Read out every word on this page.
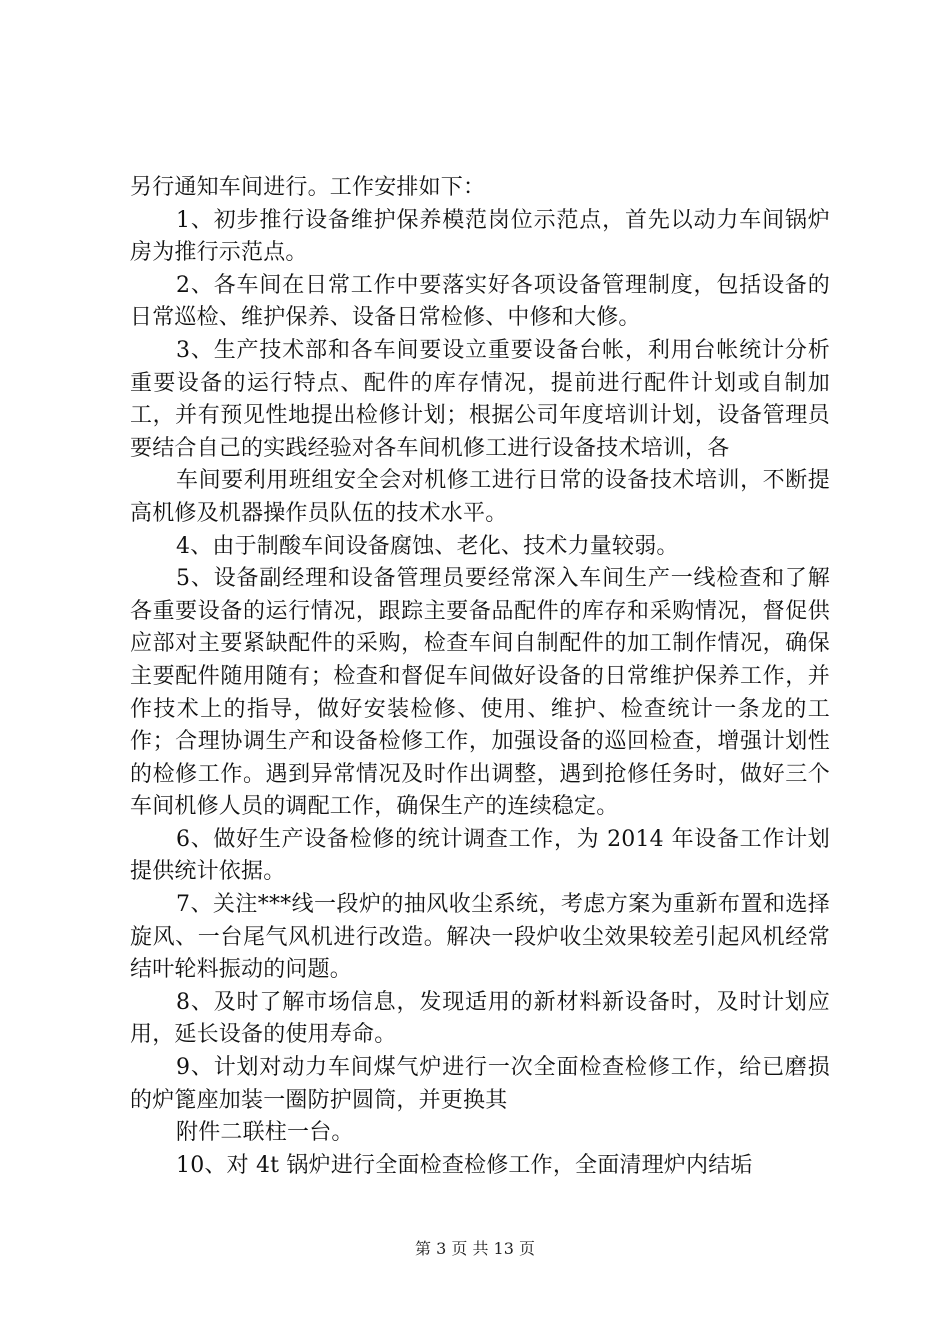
另行通知车间进行。工作安排如下：

1、初步推行设备维护保养模范岗位示范点，首先以动力车间锅炉房为推行示范点。

2、各车间在日常工作中要落实好各项设备管理制度，包括设备的日常巡检、维护保养、设备日常检修、中修和大修。

3、生产技术部和各车间要设立重要设备台帐，利用台帐统计分析重要设备的运行特点、配件的库存情况，提前进行配件计划或自制加工，并有预见性地提出检修计划；根据公司年度培训计划，设备管理员要结合自己的实践经验对各车间机修工进行设备技术培训，各

车间要利用班组安全会对机修工进行日常的设备技术培训，不断提高机修及机器操作员队伍的技术水平。

4、由于制酸车间设备腐蚀、老化、技术力量较弱。

5、设备副经理和设备管理员要经常深入车间生产一线检查和了解各重要设备的运行情况，跟踪主要备品配件的库存和采购情况，督促供应部对主要紧缺配件的采购，检查车间自制配件的加工制作情况，确保主要配件随用随有；检查和督促车间做好设备的日常维护保养工作，并作技术上的指导，做好安装检修、使用、维护、检查统计一条龙的工作；合理协调生产和设备检修工作，加强设备的巡回检查，增强计划性的检修工作。遇到异常情况及时作出调整，遇到抢修任务时，做好三个车间机修人员的调配工作，确保生产的连续稳定。

6、做好生产设备检修的统计调查工作，为 2014 年设备工作计划提供统计依据。

7、关注***线一段炉的抽风收尘系统，考虑方案为重新布置和选择旋风、一台尾气风机进行改造。解决一段炉收尘效果较差引起风机经常结叶轮料振动的问题。

8、及时了解市场信息，发现适用的新材料新设备时，及时计划应用，延长设备的使用寿命。

9、计划对动力车间煤气炉进行一次全面检查检修工作，给已磨损的炉篦座加装一圈防护圆筒，并更换其

附件二联柱一台。

10、对 4t 锅炉进行全面检查检修工作，全面清理炉内结垢

第 3 页 共 13 页
